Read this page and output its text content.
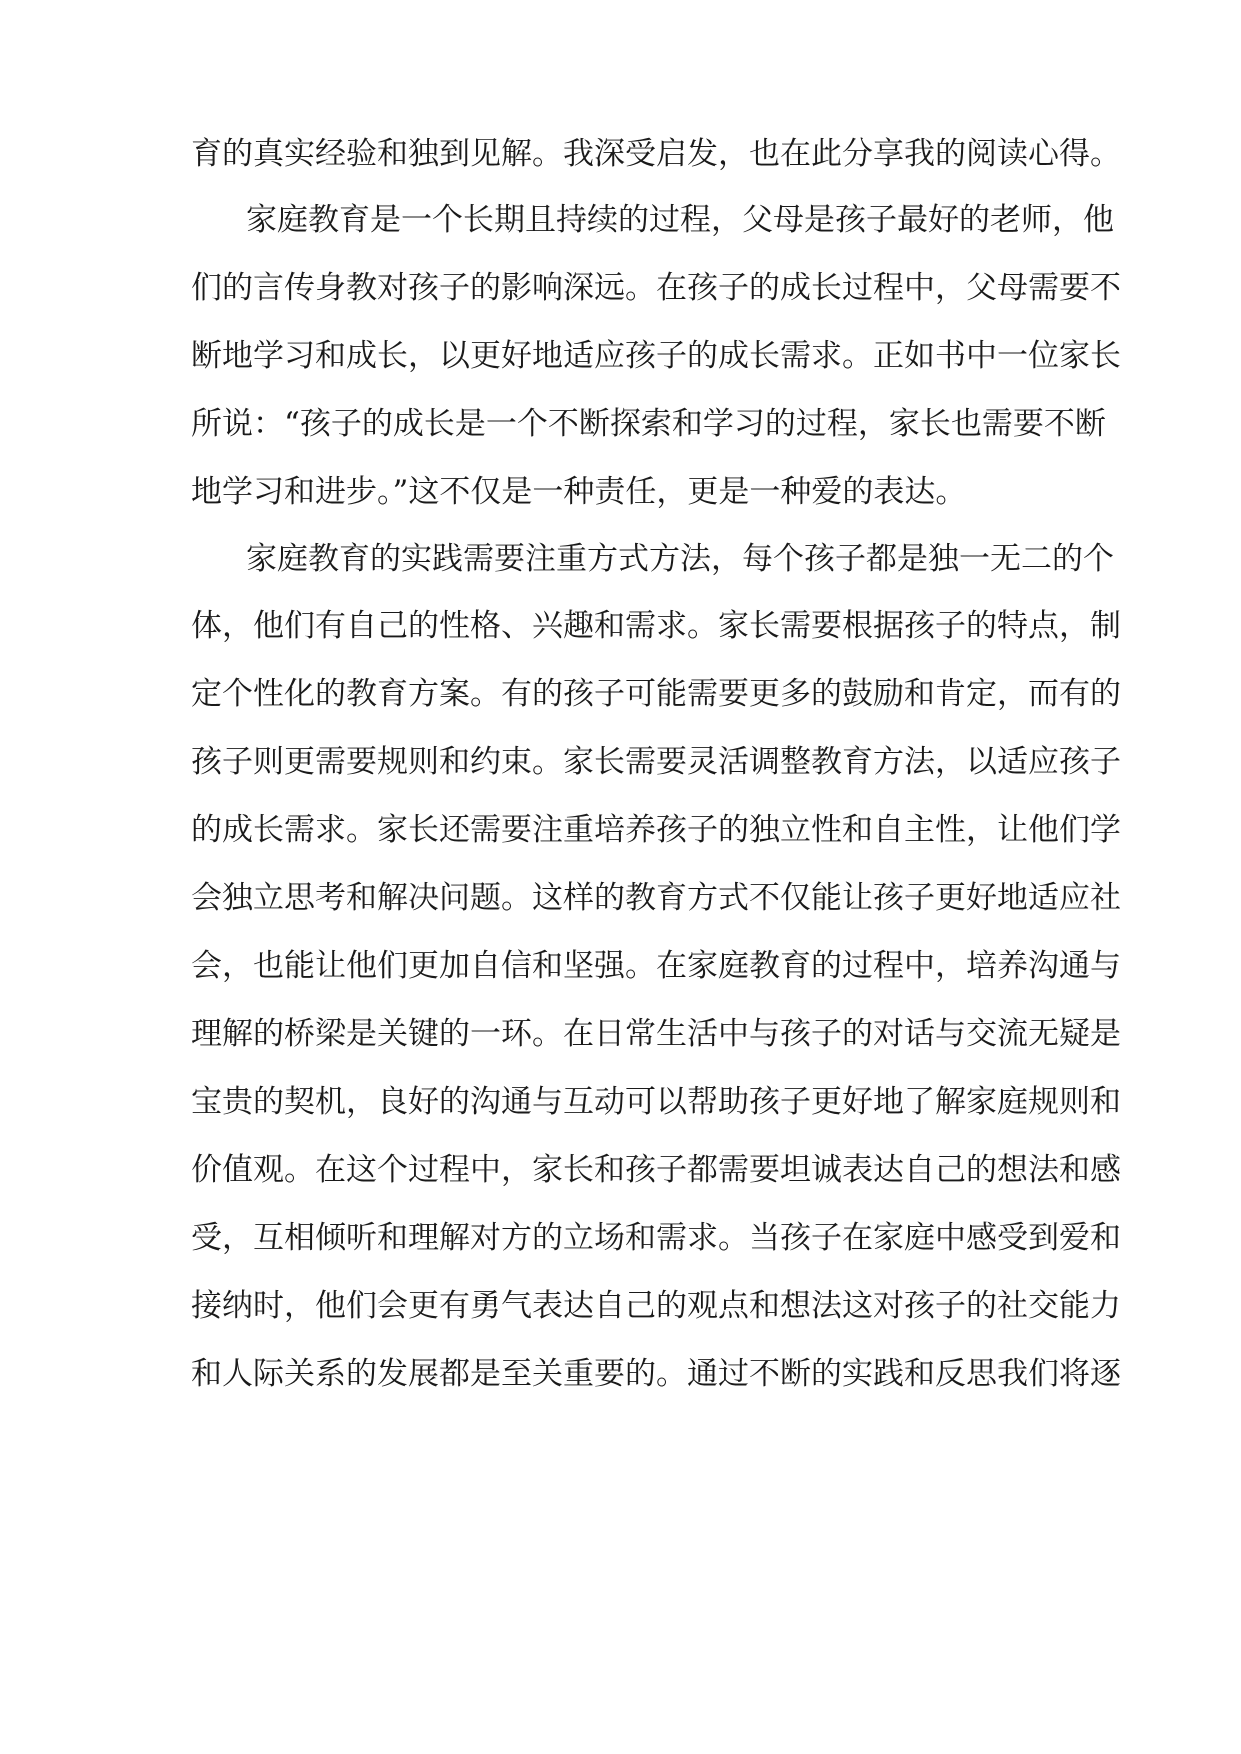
育的真实经验和独到见解。我深受启发，也在此分享我的阅读心得。
家庭教育是一个长期且持续的过程，父母是孩子最好的老师，他
们的言传身教对孩子的影响深远。在孩子的成长过程中，父母需要不
断地学习和成长，以更好地适应孩子的成长需求。正如书中一位家长
所说：“孩子的成长是一个不断探索和学习的过程，家长也需要不断
地学习和进步。”这不仅是一种责任，更是一种爱的表达。
家庭教育的实践需要注重方式方法，每个孩子都是独一无二的个
体，他们有自己的性格、兴趣和需求。家长需要根据孩子的特点，制
定个性化的教育方案。有的孩子可能需要更多的鼓励和肯定，而有的
孩子则更需要规则和约束。家长需要灵活调整教育方法，以适应孩子
的成长需求。家长还需要注重培养孩子的独立性和自主性，让他们学
会独立思考和解决问题。这样的教育方式不仅能让孩子更好地适应社
会，也能让他们更加自信和坚强。在家庭教育的过程中，培养沟通与
理解的桥梁是关键的一环。在日常生活中与孩子的对话与交流无疑是
宝贵的契机，良好的沟通与互动可以帮助孩子更好地了解家庭规则和
价值观。在这个过程中，家长和孩子都需要坦诚表达自己的想法和感
受，互相倾听和理解对方的立场和需求。当孩子在家庭中感受到爱和
接纳时，他们会更有勇气表达自己的观点和想法这对孩子的社交能力
和人际关系的发展都是至关重要的。通过不断的实践和反思我们将逐
